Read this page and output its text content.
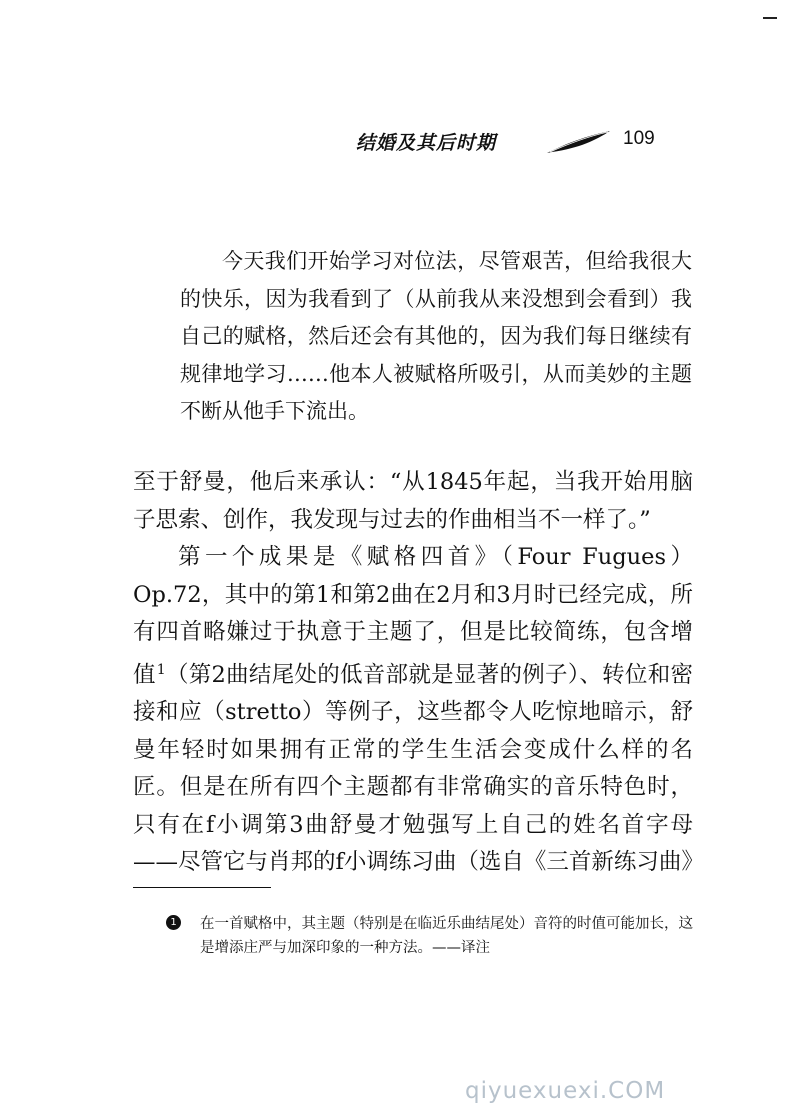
结婚及其后时期	109

今天我们开始学习对位法，尽管艰苦，但给我很大的快乐，因为我看到了（从前我从来没想到会看到）我自己的赋格，然后还会有其他的，因为我们每日继续有规律地学习……他本人被赋格所吸引，从而美妙的主题不断从他手下流出。

至于舒曼，他后来承认：“从1845年起，当我开始用脑子思索、创作，我发现与过去的作曲相当不一样了。”

第一个成果是《赋格四首》（Four Fugues）Op.72，其中的第1和第2曲在2月和3月时已经完成，所有四首略嫌过于执意于主题了，但是比较简练，包含增值$^1$（第2曲结尾处的低音部就是显著的例子）、转位和密接和应（stretto）等例子，这些都令人吃惊地暗示，舒曼年轻时如果拥有正常的学生生活会变成什么样的名匠。但是在所有四个主题都有非常确实的音乐特色时，只有在f小调第3曲舒曼才勉强写上自己的姓名首字母——尽管它与肖邦的f小调练习曲（选自《三首新练习曲》

1 在一首赋格中，其主题（特别是在临近乐曲结尾处）音符的时值可能加长，这是增添庄严与加深印象的一种方法。——译注
qiyuexuexi.COM
